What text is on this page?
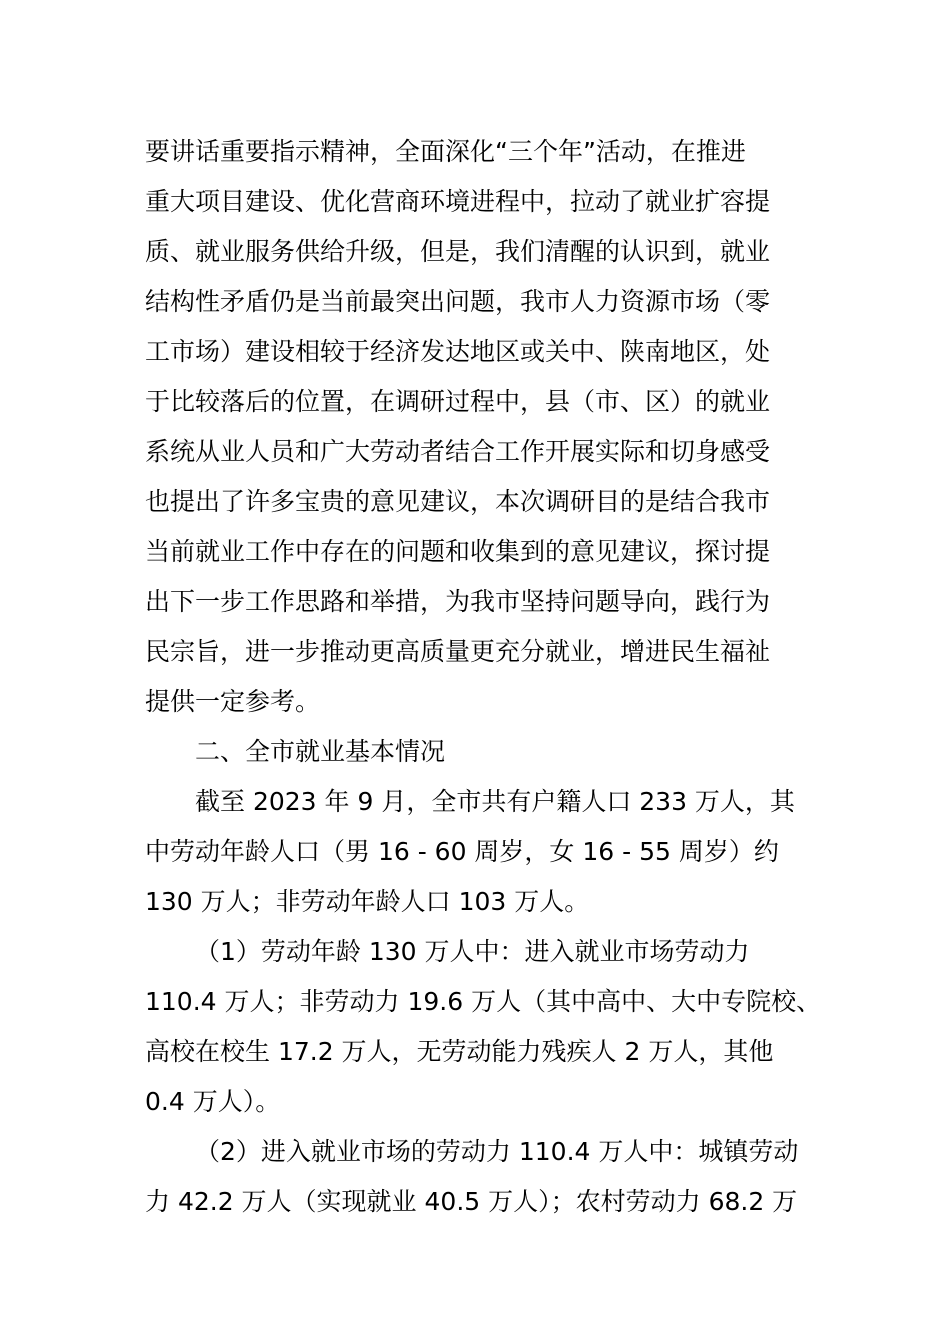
要讲话重要指示精神，全面深化“三个年”活动，在推进
重大项目建设、优化营商环境进程中，拉动了就业扩容提
质、就业服务供给升级，但是，我们清醒的认识到，就业
结构性矛盾仍是当前最突出问题，我市人力资源市场（零
工市场）建设相较于经济发达地区或关中、陕南地区，处
于比较落后的位置，在调研过程中，县（市、区）的就业
系统从业人员和广大劳动者结合工作开展实际和切身感受
也提出了许多宝贵的意见建议，本次调研目的是结合我市
当前就业工作中存在的问题和收集到的意见建议，探讨提
出下一步工作思路和举措，为我市坚持问题导向，践行为
民宗旨，进一步推动更高质量更充分就业，增进民生福祉
提供一定参考。
二、全市就业基本情况
截至 2023 年 9 月，全市共有户籍人口 233 万人，其
中劳动年龄人口（男 16 - 60 周岁，女 16 - 55 周岁）约
130 万人；非劳动年龄人口 103 万人。
（1）劳动年龄 130 万人中：进入就业市场劳动力
110.4 万人；非劳动力 19.6 万人（其中高中、大中专院校、
高校在校生 17.2 万人，无劳动能力残疾人 2 万人，其他
0.4 万人）。
（2）进入就业市场的劳动力 110.4 万人中：城镇劳动
力 42.2 万人（实现就业 40.5 万人）；农村劳动力 68.2 万
